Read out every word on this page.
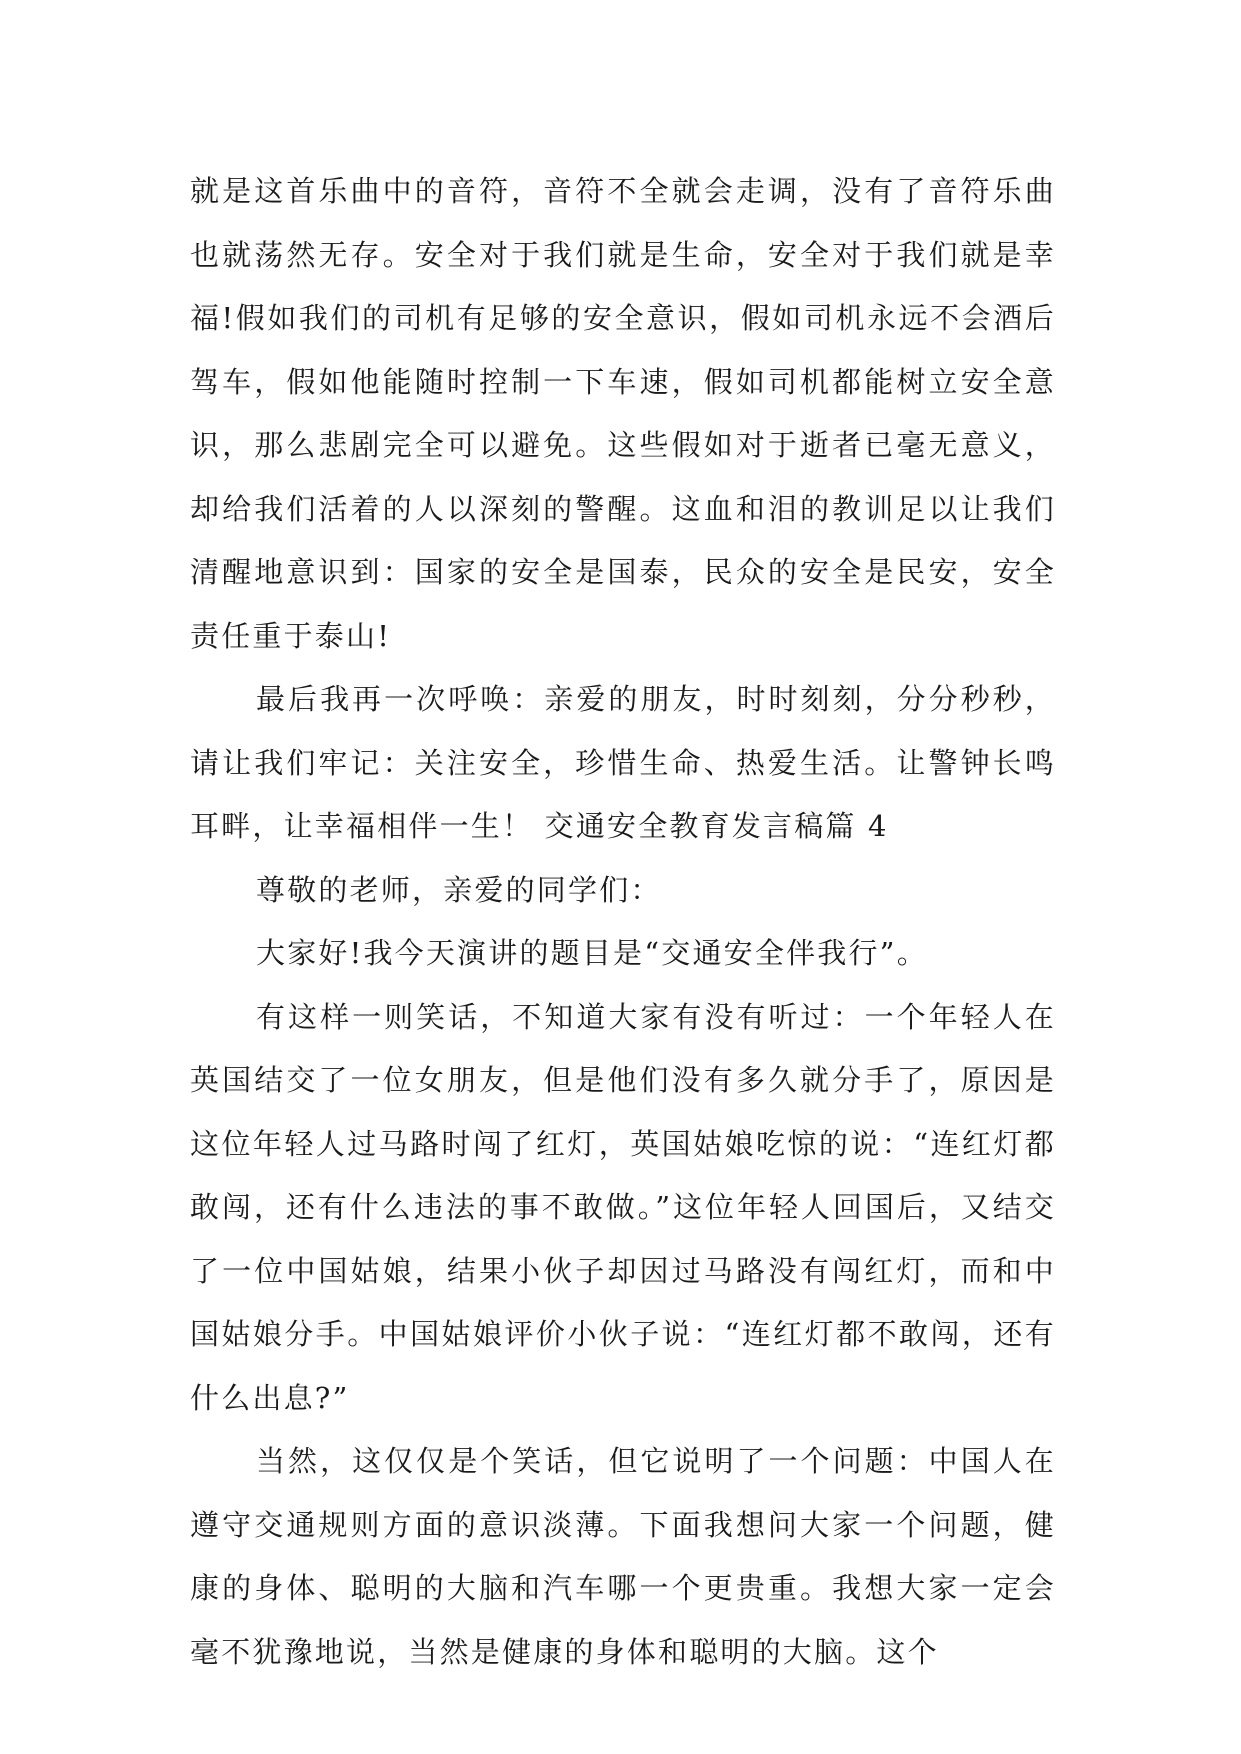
就是这首乐曲中的音符，音符不全就会走调，没有了音符乐曲也就荡然无存。安全对于我们就是生命，安全对于我们就是幸福!假如我们的司机有足够的安全意识，假如司机永远不会酒后驾车，假如他能随时控制一下车速，假如司机都能树立安全意识，那么悲剧完全可以避免。这些假如对于逝者已毫无意义，却给我们活着的人以深刻的警醒。这血和泪的教训足以让我们清醒地意识到：国家的安全是国泰，民众的安全是民安，安全责任重于泰山!

最后我再一次呼唤：亲爱的朋友，时时刻刻，分分秒秒，请让我们牢记：关注安全，珍惜生命、热爱生活。让警钟长鸣耳畔，让幸福相伴一生！ 交通安全教育发言稿篇 4

尊敬的老师，亲爱的同学们：

大家好!我今天演讲的题目是“交通安全伴我行”。

有这样一则笑话，不知道大家有没有听过：一个年轻人在英国结交了一位女朋友，但是他们没有多久就分手了，原因是这位年轻人过马路时闯了红灯，英国姑娘吃惊的说：“连红灯都敢闯，还有什么违法的事不敢做。”这位年轻人回国后，又结交了一位中国姑娘，结果小伙子却因过马路没有闯红灯，而和中国姑娘分手。中国姑娘评价小伙子说：“连红灯都不敢闯，还有什么出息?”

当然，这仅仅是个笑话，但它说明了一个问题：中国人在遵守交通规则方面的意识淡薄。下面我想问大家一个问题，健康的身体、聪明的大脑和汽车哪一个更贵重。我想大家一定会毫不犹豫地说，当然是健康的身体和聪明的大脑。这个
